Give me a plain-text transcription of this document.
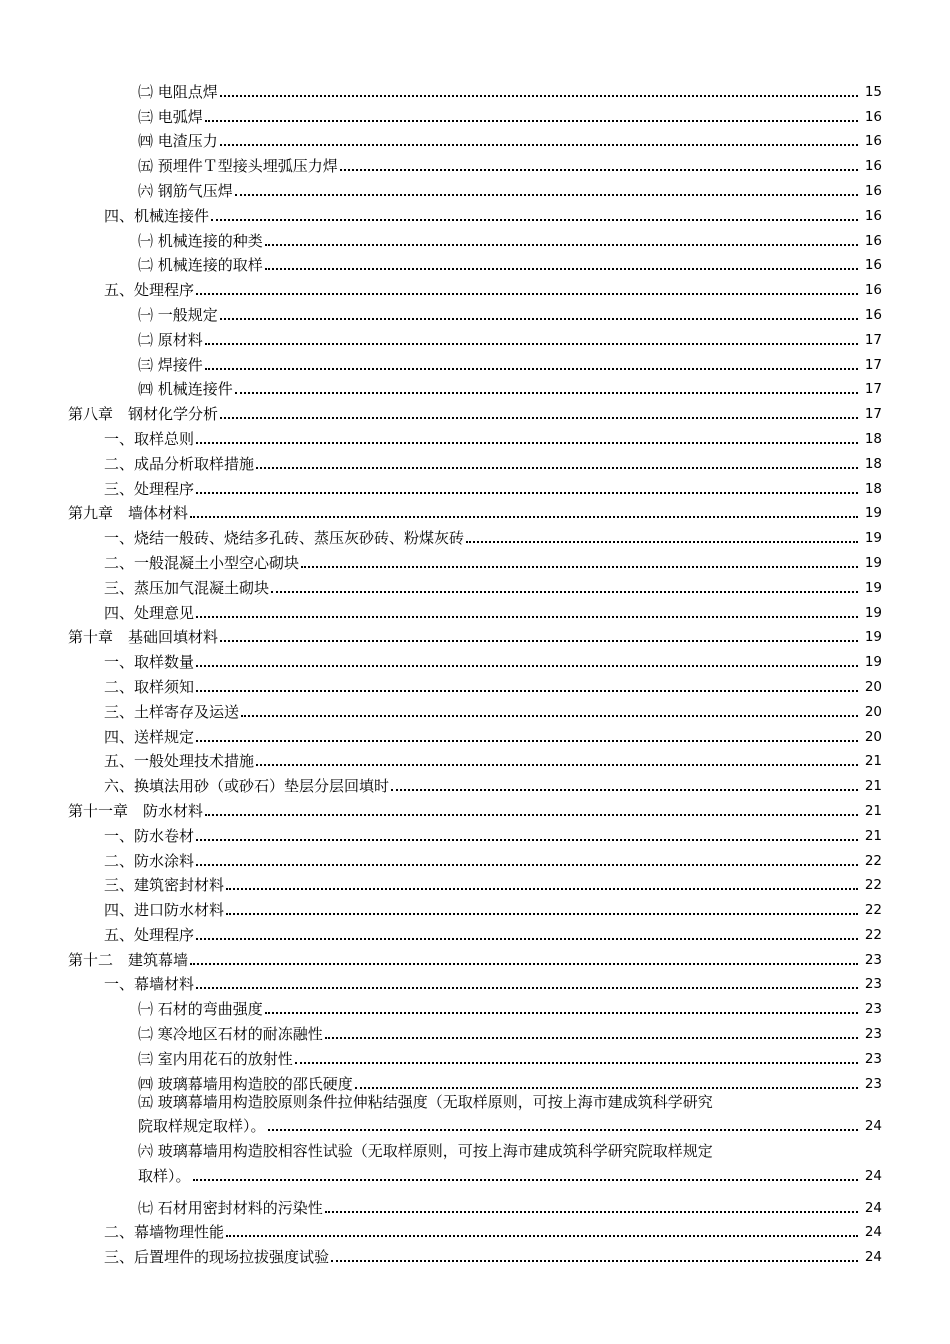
㈡ 电阻点焊	15
㈢ 电弧焊	16
㈣ 电渣压力	16
㈤ 预埋件Ｔ型接头埋弧压力焊	16
㈥ 钢筋气压焊	16
四、机械连接件	16
㈠ 机械连接的种类	16
㈡ 机械连接的取样	16
五、处理程序	16
㈠ 一般规定	16
㈡ 原材料	17
㈢ 焊接件	17
㈣ 机械连接件	17
第八章　钢材化学分析	17
一、取样总则	18
二、成品分析取样措施	18
三、处理程序	18
第九章　墙体材料	19
一、烧结一般砖、烧结多孔砖、蒸压灰砂砖、粉煤灰砖	19
二、一般混凝土小型空心砌块	19
三、蒸压加气混凝土砌块	19
四、处理意见	19
第十章　基础回填材料	19
一、取样数量	19
二、取样须知	20
三、土样寄存及运送	20
四、送样规定	20
五、一般处理技术措施	21
六、换填法用砂（或砂石）垫层分层回填时	21
第十一章　防水材料	21
一、防水卷材	21
二、防水涂料	22
三、建筑密封材料	22
四、进口防水材料	22
五、处理程序	22
第十二　建筑幕墙	23
一、幕墙材料	23
㈠ 石材的弯曲强度	23
㈡ 寒冷地区石材的耐冻融性	23
㈢ 室内用花石的放射性	23
㈣ 玻璃幕墙用构造胶的邵氏硬度	23
㈤ 玻璃幕墙用构造胶原则条件拉伸粘结强度（无取样原则，可按上海市建成筑科学研究
院取样规定取样）。	24
㈥ 玻璃幕墙用构造胶相容性试验（无取样原则，可按上海市建成筑科学研究院取样规定
取样）。	24
㈦ 石材用密封材料的污染性	24
二、幕墙物理性能	24
三、后置埋件的现场拉拔强度试验	24
